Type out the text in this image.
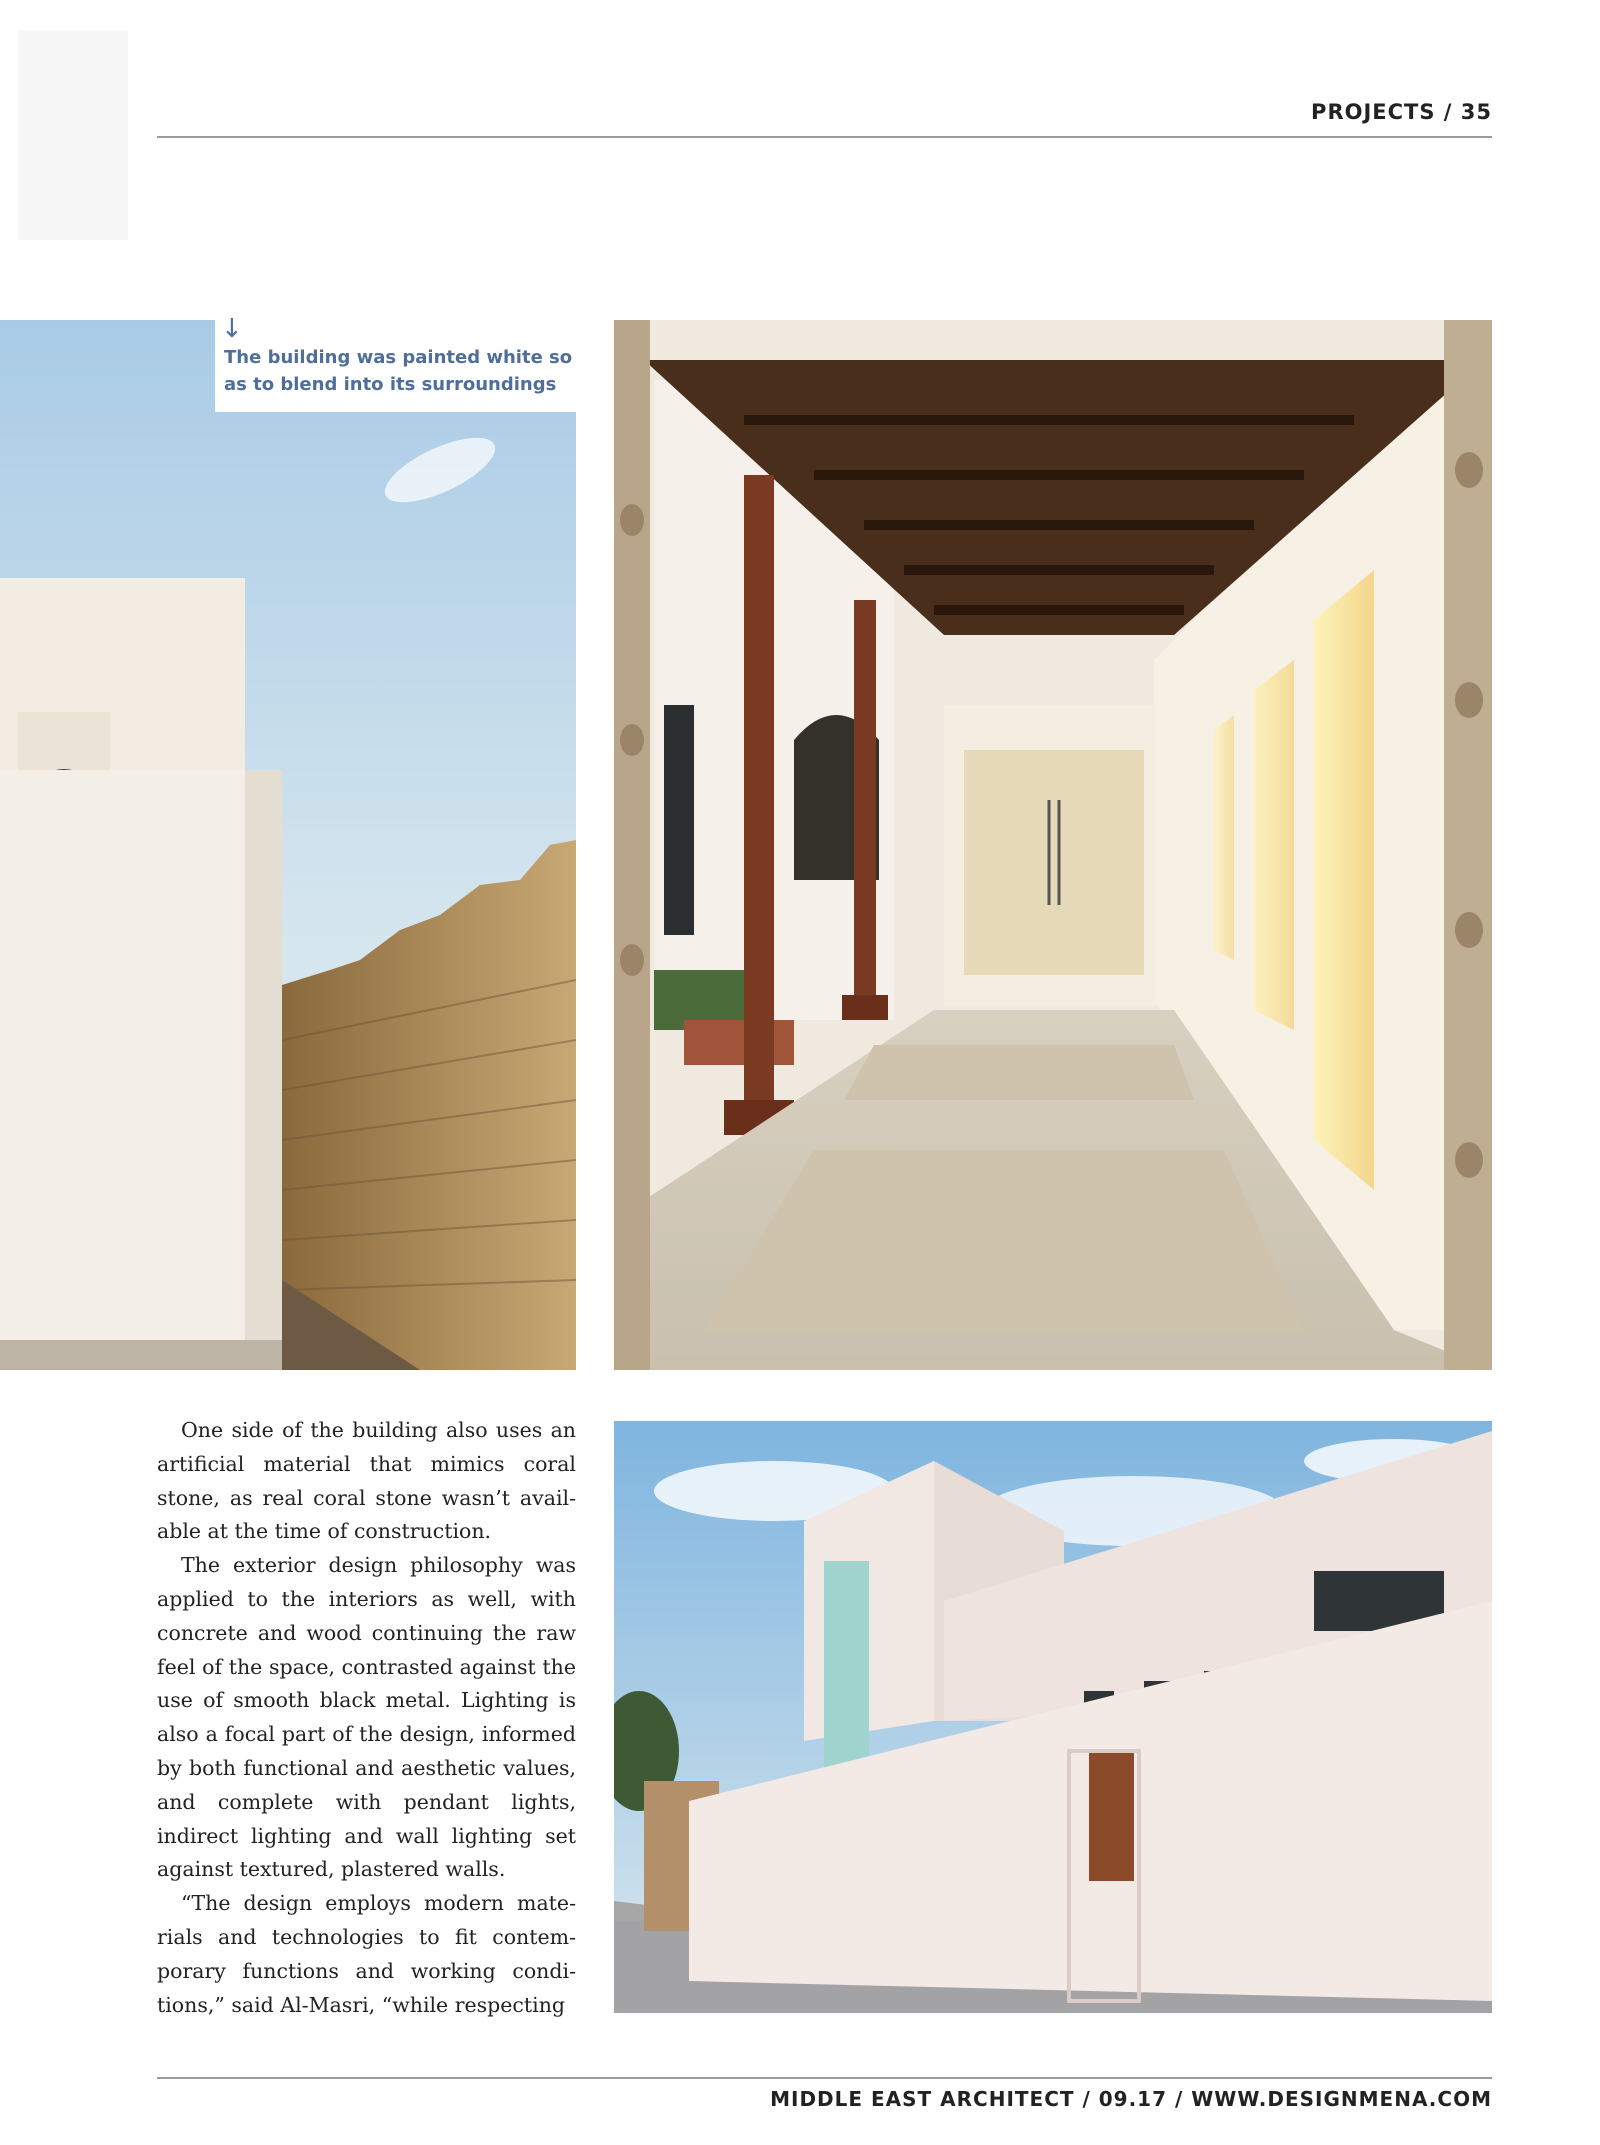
PROJECTS / 35
↓
The building was painted white so as to blend into its surroundings

One side of the building also uses an artificial material that mimics coral stone, as real coral stone wasn’t available at the time of construction.

The exterior design philosophy was applied to the interiors as well, with concrete and wood continuing the raw feel of the space, contrasted against the use of smooth black metal. Lighting is also a focal part of the design, informed by both functional and aesthetic values, and complete with pendant lights, indirect lighting and wall lighting set against textured, plastered walls.

“The design employs modern materials and technologies to fit contemporary functions and working conditions,” said Al-Masri, “while respecting

MIDDLE EAST ARCHITECT / 09.17 / WWW.DESIGNMENA.COM
